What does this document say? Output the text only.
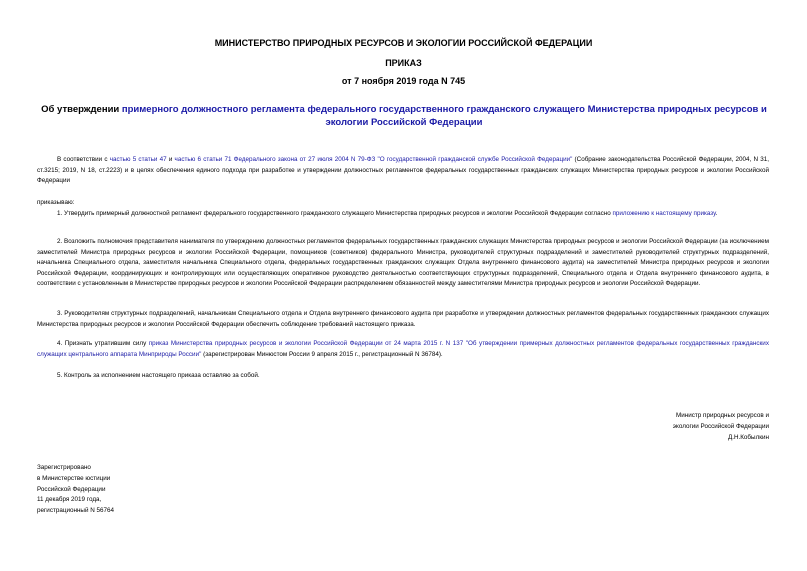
МИНИСТЕРСТВО ПРИРОДНЫХ РЕСУРСОВ И ЭКОЛОГИИ РОССИЙСКОЙ ФЕДЕРАЦИИ
ПРИКАЗ
от 7 ноября 2019 года N 745
Об утверждении примерного должностного регламента федерального государственного гражданского служащего Министерства природных ресурсов и экологии Российской Федерации
В соответствии с частью 5 статьи 47 и частью 6 статьи 71 Федерального закона от 27 июля 2004 N 79-ФЗ "О государственной гражданской службе Российской Федерации" (Собрание законодательства Российской Федерации, 2004, N 31, ст.3215; 2019, N 18, ст.2223) и в целях обеспечения единого подхода при разработке и утверждении должностных регламентов федеральных государственных гражданских служащих Министерства природных ресурсов и экологии Российской Федерации
приказываю:
1. Утвердить примерный должностной регламент федерального государственного гражданского служащего Министерства природных ресурсов и экологии Российской Федерации согласно приложению к настоящему приказу.
2. Возложить полномочия представителя нанимателя по утверждению должностных регламентов федеральных государственных гражданских служащих Министерства природных ресурсов и экологии Российской Федерации (за исключением заместителей Министра природных ресурсов и экологии Российской Федерации, помощников (советников) федерального Министра, руководителей структурных подразделений и заместителей руководителей структурных подразделений, начальника Специального отдела, заместителя начальника Специального отдела, федеральных государственных гражданских служащих Отдела внутреннего финансового аудита) на заместителей Министра природных ресурсов и экологии Российской Федерации, координирующих и контролирующих или осуществляющих оперативное руководство деятельностью соответствующих структурных подразделений, Специального отдела и Отдела внутреннего финансового аудита, в соответствии с установленным в Министерстве природных ресурсов и экологии Российской Федерации распределением обязанностей между заместителями Министра природных ресурсов и экологии Российской Федерации.
3. Руководителям структурных подразделений, начальникам Специального отдела и Отдела внутреннего финансового аудита при разработке и утверждении должностных регламентов федеральных государственных гражданских служащих Министерства природных ресурсов и экологии Российской Федерации обеспечить соблюдение требований настоящего приказа.
4. Признать утратившим силу приказ Министерства природных ресурсов и экологии Российской Федерации от 24 марта 2015 г. N 137 "Об утверждении примерных должностных регламентов федеральных государственных гражданских служащих центрального аппарата Минприроды России" (зарегистрирован Минюстом России 9 апреля 2015 г., регистрационный N 36784).
5. Контроль за исполнением настоящего приказа оставляю за собой.
Министр природных ресурсов и
экологии Российской Федерации
Д.Н.Кобылкин
Зарегистрировано
в Министерстве юстиции
Российской Федерации
11 декабря 2019 года,
регистрационный N 56764
